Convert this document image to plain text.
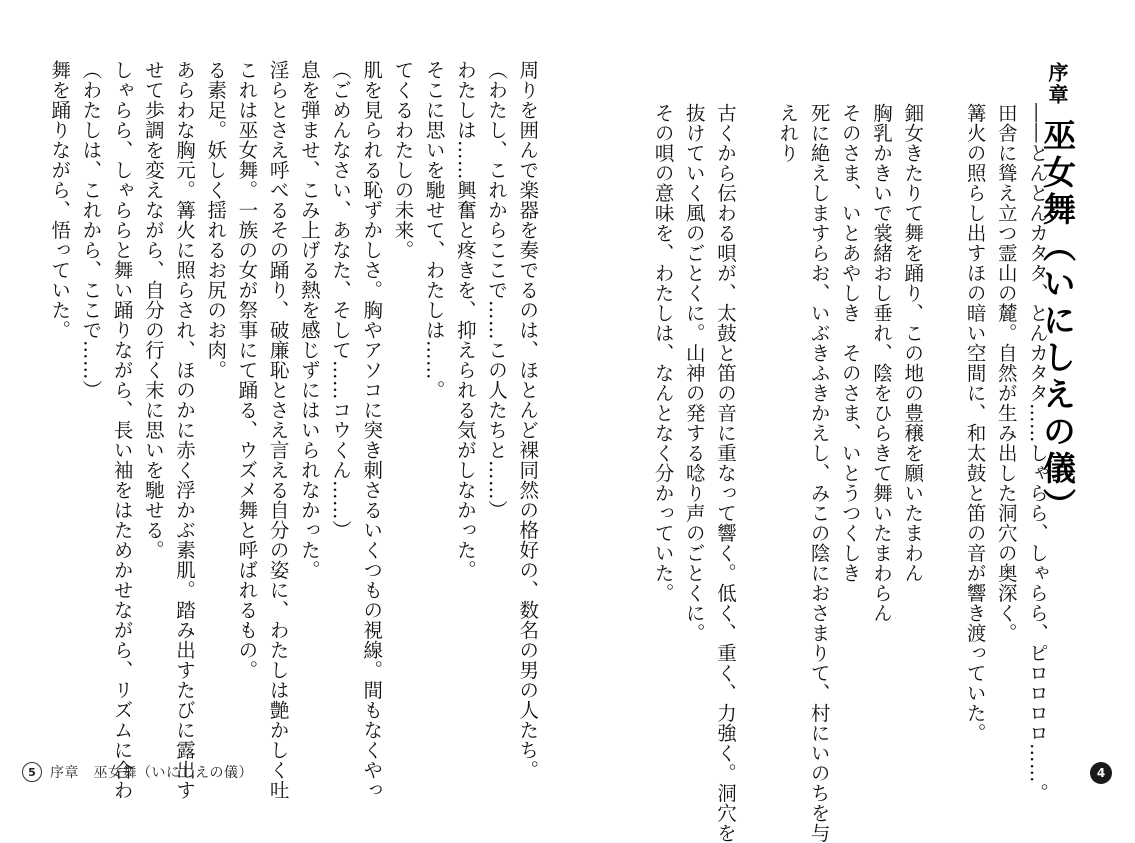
序章巫女舞（いにしえの儀）
――とんとんカタタ、とんカタタ……しゃらら、しゃらら、ピロロロロ……。
田舎に聳え立つ霊山の麓。自然が生み出した洞穴の奥深く。
篝火の照らし出すほの暗い空間に、和太鼓と笛の音が響き渡っていた。
鈿女きたりて舞を踊り、この地の豊穣を願いたまわん
胸乳かきいで裳緒おし垂れ、陰をひらきて舞いたまわらん
そのさま、いとあやしき　そのさま、いとうつくしき
死に絶えしますらお、いぶきふきかえし、みこの陰におさまりて、村にいのちを与
えれり
古くから伝わる唄が、太鼓と笛の音に重なって響く。低く、重く、力強く。洞穴を
抜けていく風のごとくに。山神の発する唸り声のごとくに。
その唄の意味を、わたしは、なんとなく分かっていた。
周りを囲んで楽器を奏でるのは、ほとんど裸同然の格好の、数名の男の人たち。
（わたし、これからここで……この人たちと……）
わたしは……興奮と疼きを、抑えられる気がしなかった。
そこに思いを馳せて、わたしは……。
てくるわたしの未来。
肌を見られる恥ずかしさ。胸やアソコに突き刺さるいくつもの視線。間もなくやっ
（ごめんなさい、あなた、そして……コウくん……）
息を弾ませ、こみ上げる熱を感じずにはいられなかった。
淫らとさえ呼べるその踊り、破廉恥とさえ言える自分の姿に、わたしは艶かしく吐
これは巫女舞。一族の女が祭事にて踊る、ウズメ舞と呼ばれるもの。
る素足。妖しく揺れるお尻のお肉。
あらわな胸元。篝火に照らされ、ほのかに赤く浮かぶ素肌。踏み出すたびに露出す
せて歩調を変えながら、自分の行く末に思いを馳せる。
しゃらら、しゃららと舞い踊りながら、長い袖をはためかせながら、リズムに合わ
（わたしは、これから、ここで……）
舞を踊りながら、悟っていた。
5	序章　巫女舞（いにしえの儀）	4
